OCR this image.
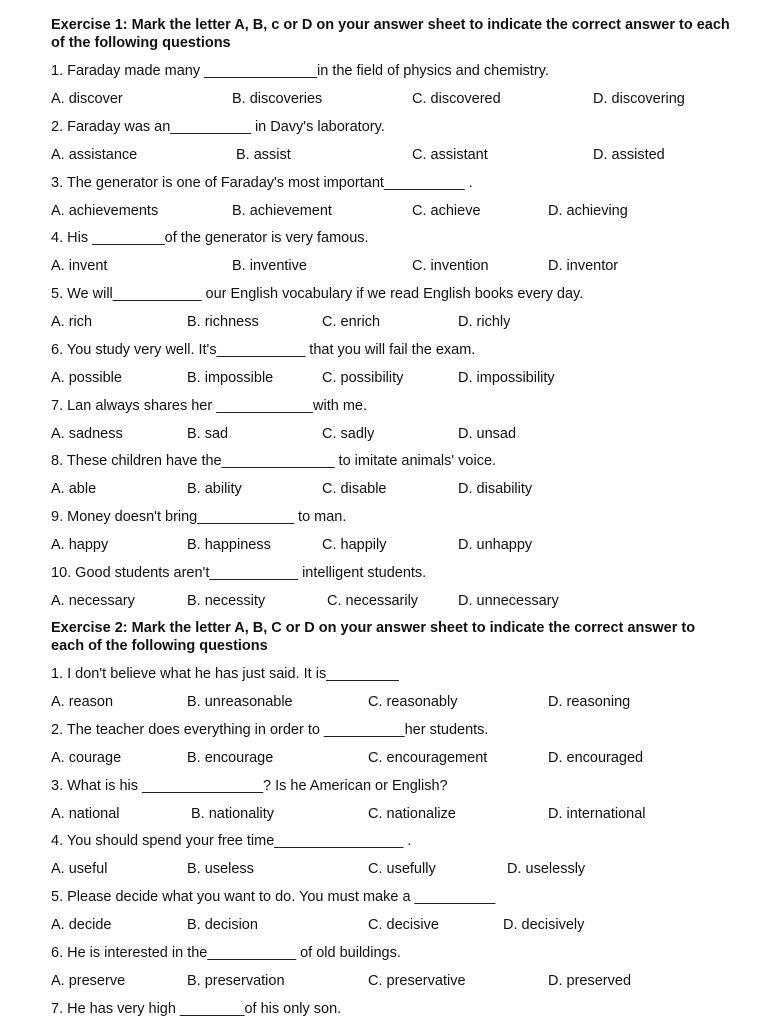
Exercise 1: Mark the letter A, B, c or D on your answer sheet to indicate the correct answer to each of the following questions
1. Faraday made many ______________in the field of physics and chemistry.
A. discover	B. discoveries	C. discovered	D. discovering
2. Faraday was an__________ in Davy's laboratory.
A. assistance	B. assist	C. assistant	D. assisted
3. The generator is one of Faraday's most important__________ .
A. achievements	B. achievement	C. achieve	D. achieving
4. His _________of the generator is very famous.
A. invent	B. inventive	C. invention	D. inventor
5. We will___________ our English vocabulary if we read English books every day.
A. rich	B. richness	C. enrich	D. richly
6. You study very well. It's___________ that you will fail the exam.
A. possible	B. impossible	C. possibility	D. impossibility
7. Lan always shares her ____________with me.
A. sadness	B. sad	C. sadly	D. unsad
8. These children have the______________ to imitate animals' voice.
A. able	B. ability	C. disable	D. disability
9. Money doesn't bring____________ to man.
A. happy	B. happiness	C. happily	D. unhappy
10. Good students aren't___________ intelligent students.
A. necessary	B. necessity	C. necessarily	D. unnecessary
Exercise 2: Mark the letter A, B, C or D on your answer sheet to indicate the correct answer to each of the following questions
1. I don't believe what he has just said. It is_________
A. reason	B. unreasonable	C. reasonably	D. reasoning
2. The teacher does everything in order to __________her students.
A. courage	B. encourage	C. encouragement	D. encouraged
3. What is his _______________? Is he American or English?
A. national	B. nationality	C. nationalize	D. international
4. You should spend your free time________________ .
A. useful	B. useless	C. usefully	D. uselessly
5. Please decide what you want to do. You must make a __________
A. decide	B. decision	C. decisive	D. decisively
6. He is interested in the___________ of old buildings.
A. preserve	B. preservation	C. preservative	D. preserved
7. He has very high ________of his only son.
